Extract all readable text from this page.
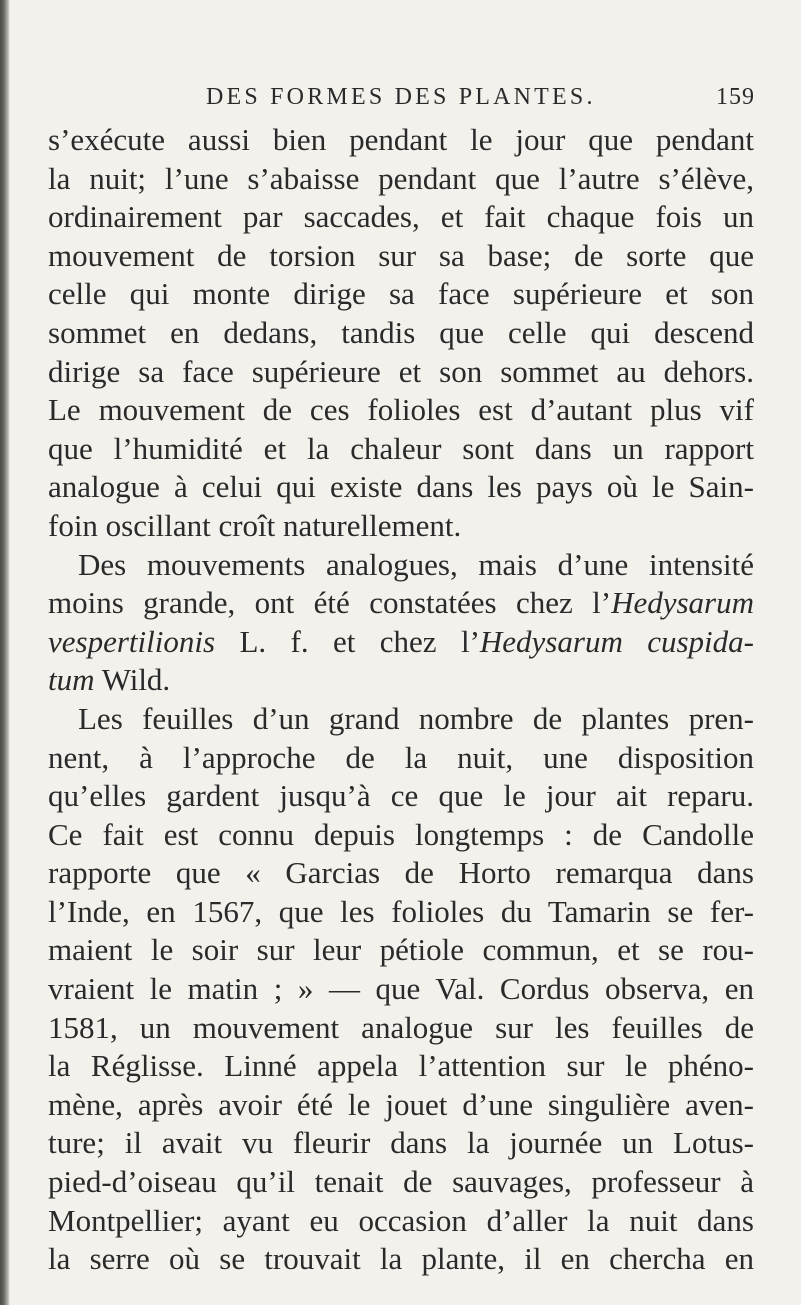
DES FORMES DES PLANTES.	159
s’exécute aussi bien pendant le jour que pendant
la nuit; l’une s’abaisse pendant que l’autre s’élève,
ordinairement par saccades, et fait chaque fois un
mouvement de torsion sur sa base; de sorte que
celle qui monte dirige sa face supérieure et son
sommet en dedans, tandis que celle qui descend
dirige sa face supérieure et son sommet au dehors.
Le mouvement de ces folioles est d’autant plus vif
que l’humidité et la chaleur sont dans un rapport
analogue à celui qui existe dans les pays où le Sain-
foin oscillant croît naturellement.
Des mouvements analogues, mais d’une intensité
moins grande, ont été constatées chez l’Hedysarum
vespertilionis L. f. et chez l’Hedysarum cuspida-
tum Wild.
Les feuilles d’un grand nombre de plantes pren-
nent, à l’approche de la nuit, une disposition
qu’elles gardent jusqu’à ce que le jour ait reparu.
Ce fait est connu depuis longtemps : de Candolle
rapporte que « Garcias de Horto remarqua dans
l’Inde, en 1567, que les folioles du Tamarin se fer-
maient le soir sur leur pétiole commun, et se rou-
vraient le matin ; » — que Val. Cordus observa, en
1581, un mouvement analogue sur les feuilles de
la Réglisse. Linné appela l’attention sur le phéno-
mène, après avoir été le jouet d’une singulière aven-
ture; il avait vu fleurir dans la journée un Lotus-
pied-d’oiseau qu’il tenait de sauvages, professeur à
Montpellier; ayant eu occasion d’aller la nuit dans
la serre où se trouvait la plante, il en chercha en
